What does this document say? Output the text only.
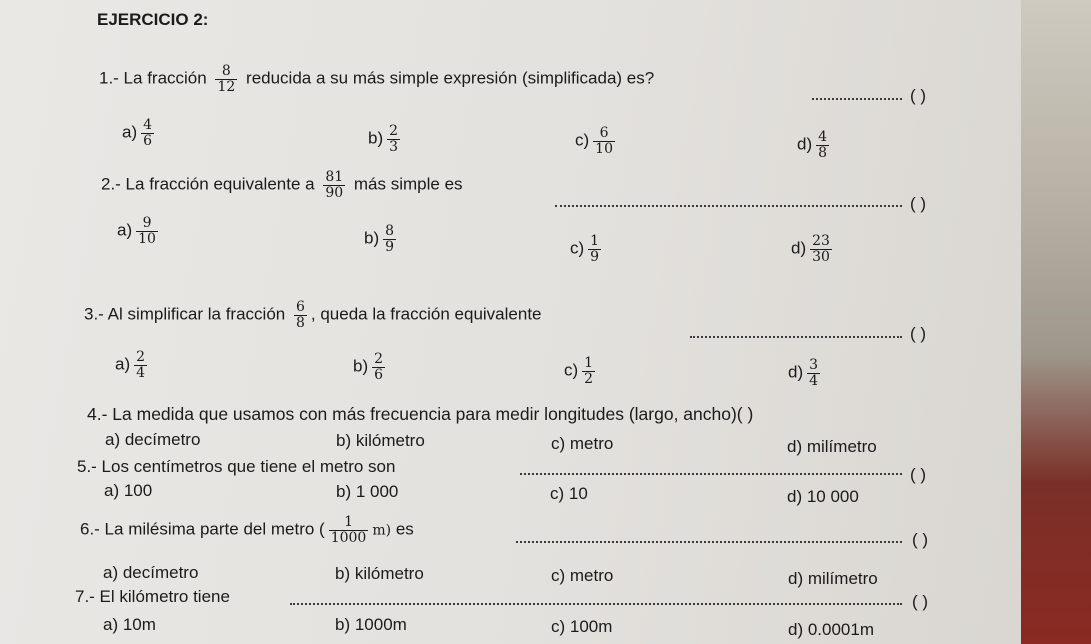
EJERCICIO 2:
1.- La fracción $\frac{8}{12}$ reducida a su más simple expresión (simplificada) es?
( )
$a) \frac{4}{6}$	$b) \frac{2}{3}$	$c) \frac{6}{10}$	$d) \frac{4}{8}$
2.- La fracción equivalente a $\frac{81}{90}$ más simple es
( )
$a) \frac{9}{10}$	$b) \frac{8}{9}$	$c) \frac{1}{9}$	$d) \frac{23}{30}$
3.- Al simplificar la fracción $\frac{6}{8}$ , queda la fracción equivalente
( )
$a) \frac{2}{4}$	$b) \frac{2}{6}$	$c) \frac{1}{2}$	$d) \frac{3}{4}$
4.- La medida que usamos con más frecuencia para medir longitudes (largo, ancho)( )
a) decímetro	b) kilómetro	c) metro	d) milímetro
5.- Los centímetros que tiene el metro son	( )
a) 100	b) 1 000	c) 10	d) 10 000
6.- La milésima parte del metro ( $\frac{1}{1000} m$) es
( )
a) decímetro	b) kilómetro	c) metro	d) milímetro
7.- El kilómetro tiene	( )
a) 10m	b) 1000m	c) 100m	d) 0.0001m
